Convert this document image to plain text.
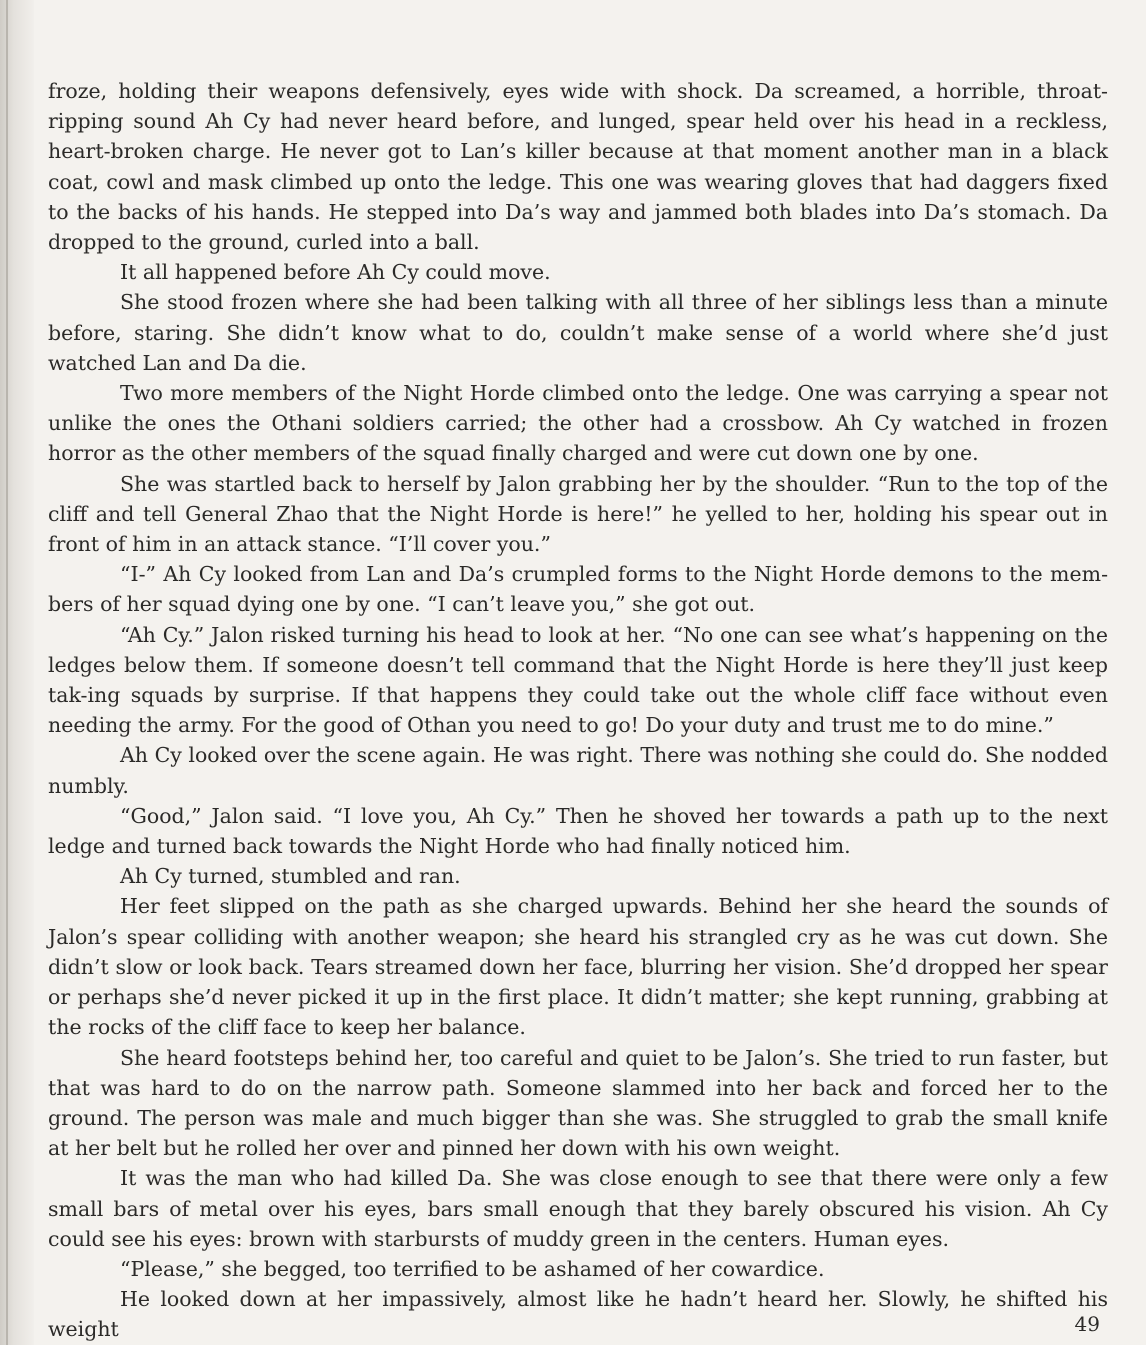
froze, holding their weapons defensively, eyes wide with shock. Da screamed, a horrible, throat-ripping sound Ah Cy had never heard before, and lunged, spear held over his head in a reckless, heart-broken charge. He never got to Lan’s killer because at that moment another man in a black coat, cowl and mask climbed up onto the ledge. This one was wearing gloves that had daggers fixed to the backs of his hands. He stepped into Da’s way and jammed both blades into Da’s stomach. Da dropped to the ground, curled into a ball.

It all happened before Ah Cy could move.

She stood frozen where she had been talking with all three of her siblings less than a minute before, staring. She didn’t know what to do, couldn’t make sense of a world where she’d just watched Lan and Da die.

Two more members of the Night Horde climbed onto the ledge. One was carrying a spear not unlike the ones the Othani soldiers carried; the other had a crossbow. Ah Cy watched in frozen horror as the other members of the squad finally charged and were cut down one by one.

She was startled back to herself by Jalon grabbing her by the shoulder. “Run to the top of the cliff and tell General Zhao that the Night Horde is here!” he yelled to her, holding his spear out in front of him in an attack stance. “I’ll cover you.”

“I-” Ah Cy looked from Lan and Da’s crumpled forms to the Night Horde demons to the mem-bers of her squad dying one by one. “I can’t leave you,” she got out.

“Ah Cy.” Jalon risked turning his head to look at her. “No one can see what’s happening on the ledges below them. If someone doesn’t tell command that the Night Horde is here they’ll just keep tak-ing squads by surprise. If that happens they could take out the whole cliff face without even needing the army. For the good of Othan you need to go! Do your duty and trust me to do mine.”

Ah Cy looked over the scene again. He was right. There was nothing she could do. She nodded numbly.

“Good,” Jalon said. “I love you, Ah Cy.” Then he shoved her towards a path up to the next ledge and turned back towards the Night Horde who had finally noticed him.

Ah Cy turned, stumbled and ran.

Her feet slipped on the path as she charged upwards. Behind her she heard the sounds of Jalon’s spear colliding with another weapon; she heard his strangled cry as he was cut down. She didn’t slow or look back. Tears streamed down her face, blurring her vision. She’d dropped her spear or perhaps she’d never picked it up in the first place. It didn’t matter; she kept running, grabbing at the rocks of the cliff face to keep her balance.

She heard footsteps behind her, too careful and quiet to be Jalon’s. She tried to run faster, but that was hard to do on the narrow path. Someone slammed into her back and forced her to the ground. The person was male and much bigger than she was. She struggled to grab the small knife at her belt but he rolled her over and pinned her down with his own weight.

It was the man who had killed Da. She was close enough to see that there were only a few small bars of metal over his eyes, bars small enough that they barely obscured his vision. Ah Cy could see his eyes: brown with starbursts of muddy green in the centers. Human eyes.

“Please,” she begged, too terrified to be ashamed of her cowardice.

He looked down at her impassively, almost like he hadn’t heard her. Slowly, he shifted his weight	49
